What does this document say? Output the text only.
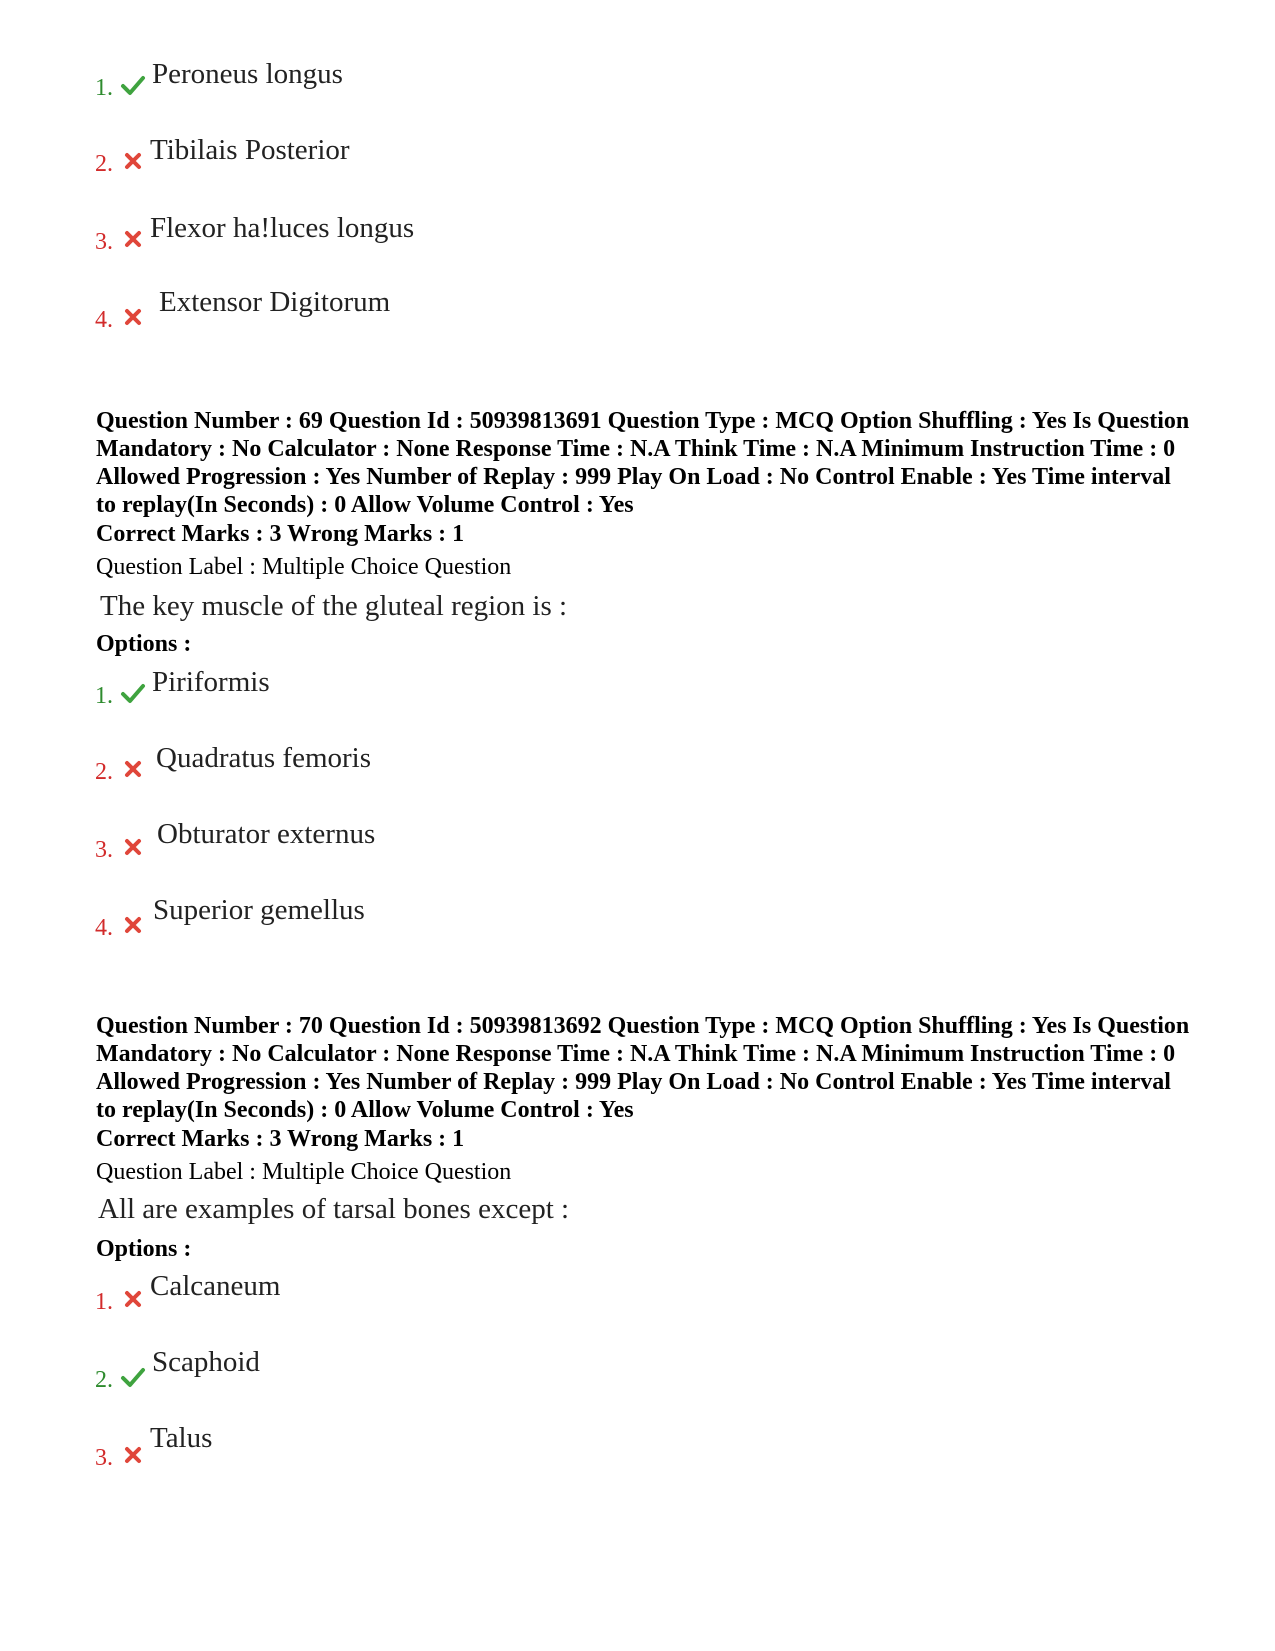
1. Peroneus longus
2. Tibilais Posterior
3. Flexor ha!luces longus
4.
Extensor Digitorum
Question Number : 69 Question Id : 50939813691 Question Type : MCQ Option Shuffling : Yes Is Question Mandatory : No Calculator : None Response Time : N.A Think Time : N.A Minimum Instruction Time : 0 Allowed Progression : Yes Number of Replay : 999 Play On Load : No Control Enable : Yes Time interval to replay(In Seconds) : 0 Allow Volume Control : Yes
Correct Marks : 3 Wrong Marks : 1
Question Label : Multiple Choice Question
The key muscle of the gluteal region is :
Options :
1. Piriformis
2. Quadratus femoris
3. Obturator externus
4.
Superior gemellus
Question Number : 70 Question Id : 50939813692 Question Type : MCQ Option Shuffling : Yes Is Question Mandatory : No Calculator : None Response Time : N.A Think Time : N.A Minimum Instruction Time : 0 Allowed Progression : Yes Number of Replay : 999 Play On Load : No Control Enable : Yes Time interval to replay(In Seconds) : 0 Allow Volume Control : Yes
Correct Marks : 3 Wrong Marks : 1
Question Label : Multiple Choice Question
All are examples of tarsal bones except :
Options :
1. Calcaneum
2.
Scaphoid
3.
Talus
